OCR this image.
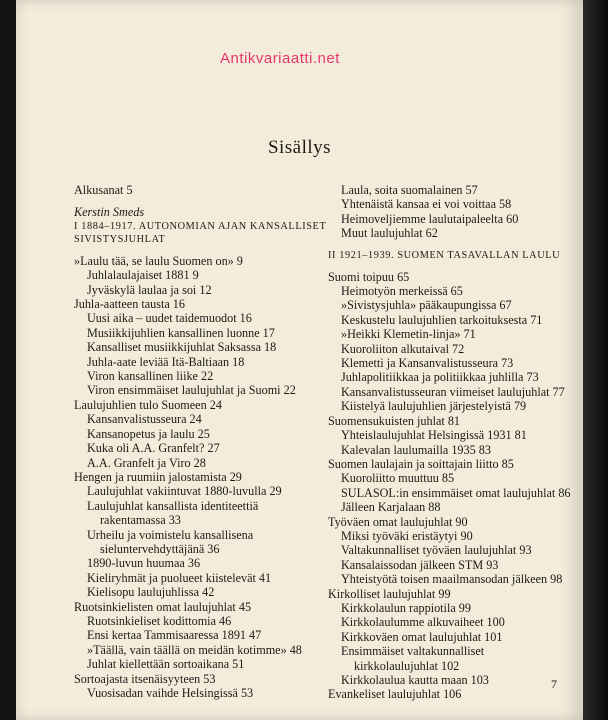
Sisällys
Alkusanat 5
Kerstin Smeds
I 1884–1917. AUTONOMIAN AJAN KANSALLISET
SIVISTYSJUHLAT
»Laulu tää, se laulu Suomen on» 9
Juhlalaulajaiset 1881 9
Jyväskylä laulaa ja soi 12
Juhla-aatteen tausta 16
Uusi aika – uudet taidemuodot 16
Musiikkijuhlien kansallinen luonne 17
Kansalliset musiikkijuhlat Saksassa 18
Juhla-aate leviää Itä-Baltiaan 18
Viron kansallinen liike 22
Viron ensimmäiset laulujuhlat ja Suomi 22
Laulujuhlien tulo Suomeen 24
Kansanvalistusseura 24
Kansanopetus ja laulu 25
Kuka oli A.A. Granfelt? 27
A.A. Granfelt ja Viro 28
Hengen ja ruumiin jalostamista 29
Laulujuhlat vakiintuvat 1880-luvulla 29
Laulujuhlat kansallista identiteettiä
rakentamassa 33
Urheilu ja voimistelu kansallisena
sieluntervehdyttäjänä 36
1890-luvun huumaa 36
Kieliryhmät ja puolueet kiistelevät 41
Kielisopu laulujuhlissa 42
Ruotsinkielisten omat laulujuhlat 45
Ruotsinkieliset kodittomia 46
Ensi kertaa Tammisaaressa 1891 47
»Täällä, vain täällä on meidän kotimme» 48
Juhlat kiellettään sortoaikana 51
Sortoajasta itsenäisyyteen 53
Vuosisadan vaihde Helsingissä 53
Laula, soita suomalainen 57
Yhtenäistä kansaa ei voi voittaa 58
Heimoveljiemme laulutaipaleelta 60
Muut laulujuhlat 62
II 1921–1939. SUOMEN TASAVALLAN LAULU
Suomi toipuu 65
Heimotyön merkeissä 65
»Sivistysjuhla» pääkaupungissa 67
Keskustelu laulujuhlien tarkoituksesta 71
»Heikki Klemetin-linja» 71
Kuoroliiton alkutaival 72
Klemetti ja Kansanvalistusseura 73
Juhlapolitiikkaa ja politiikkaa juhlilla 73
Kansanvalistusseuran viimeiset laulujuhlat 77
Kiistelyä laulujuhlien järjestelyistä 79
Suomensukuisten juhlat 81
Yhteislaulujuhlat Helsingissä 1931 81
Kalevalan laulumailla 1935 83
Suomen laulajain ja soittajain liitto 85
Kuoroliitto muuttuu 85
SULASOL:in ensimmäiset omat laulujuhlat 86
Jälleen Karjalaan 88
Työväen omat laulujuhlat 90
Miksi työväki eristäytyi 90
Valtakunnalliset työväen laulujuhlat 93
Kansalaissodan jälkeen STM 93
Yhteistyötä toisen maailmansodan jälkeen 98
Kirkolliset laulujuhlat 99
Kirkkolaulun rappiotila 99
Kirkkolaulumme alkuvaiheet 100
Kirkkoväen omat laulujuhlat 101
Ensimmäiset valtakunnalliset
kirkkolaulujuhlat 102
Kirkkolaulua kautta maan 103
Evankeliset laulujuhlat 106
7
Antikvariaatti.net
